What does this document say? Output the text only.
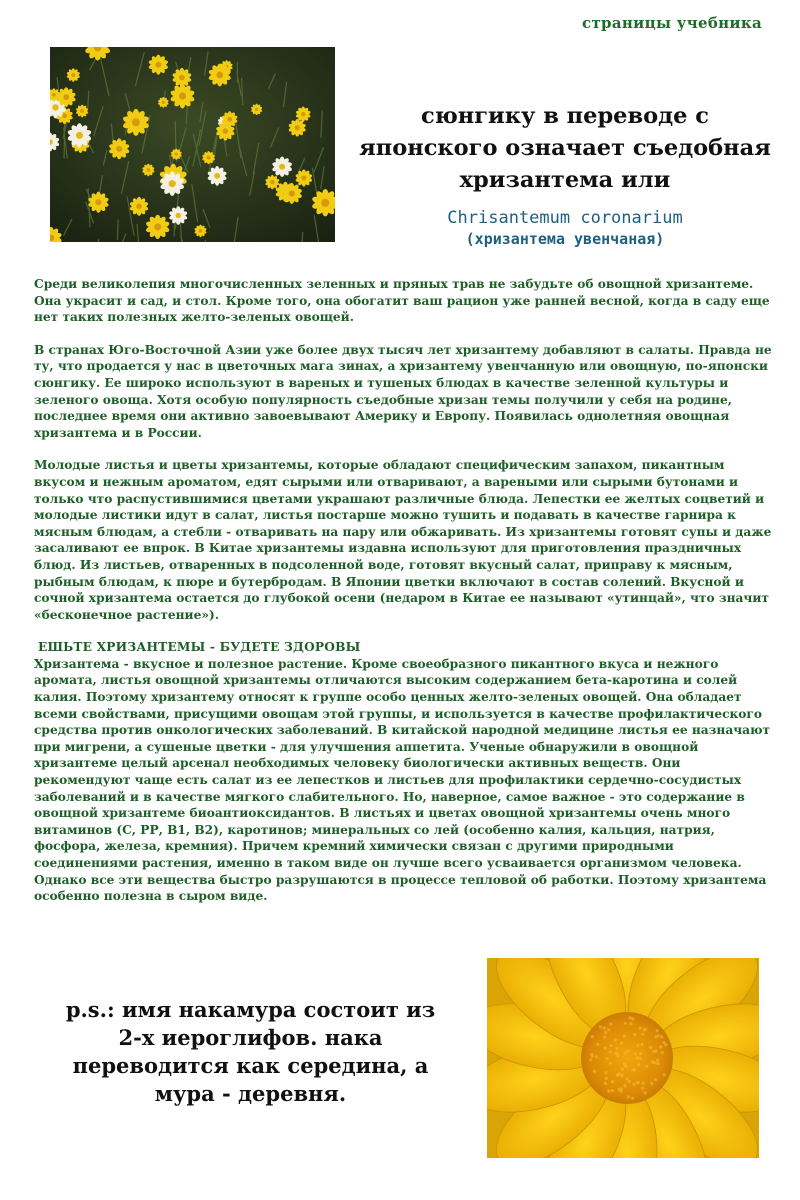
страницы учебника
сюнгику в переводе с
японского означает съедобная
хризантема или
Chrisantemum coronarium
(хризантема увенчаная)

Среди великолепия многочисленных зеленных и пряных трав не забудьте об овощной хризантеме. Она украсит и сад, и стол. Кроме того, она обогатит ваш рацион уже ранней весной, когда в саду еще нет таких полезных желто-зеленых овощей.

В странах Юго-Восточной Азии уже более двух тысяч лет хризантему добавляют в салаты. Правда не ту, что продается у нас в цветочных мага зинах, а хризантему увенчанную или овощную, по-японски сюнгику. Ее широко используют в вареных и тушеных блюдах в качестве зеленной культуры и зеленого овоща. Хотя особую популярность съедобные хризан темы получили у себя на родине, последнее время они активно завоевывают Америку и Европу. Появилась однолетняя овощная хризантема и в России.

Молодые листья и цветы хризантемы, которые обладают специфическим запахом, пикантным вкусом и нежным ароматом, едят сырыми или отваривают, а вареными или сырыми бутонами и только что распустившимися цветами украшают различные блюда. Лепестки ее желтых соцветий и молодые листики идут в салат, листья постарше можно тушить и подавать в качестве гарнира к мясным блюдам, а стебли - отваривать на пару или обжаривать. Из хризантемы готовят супы и даже засаливают ее впрок. В Китае хризантемы издавна используют для приготовления праздничных блюд. Из листьев, отваренных в подсоленной воде, готовят вкусный салат, приправу к мясным, рыбным блюдам, к пюре и бутербродам. В Японии цветки включают в состав солений. Вкусной и сочной хризантема остается до глубокой осени (недаром в Китае ее называют «утинцай», что значит «бесконечное растение»).

ЕШЬТЕ ХРИЗАНТЕМЫ - БУДЕТЕ ЗДОРОВЫ
Хризантема - вкусное и полезное растение. Кроме своеобразного пикантного вкуса и нежного аромата, листья овощной хризантемы отличаются высоким содержанием бета-каротина и солей калия. Поэтому хризантему относят к группе особо ценных желто-зеленых овощей. Она обладает всеми свойствами, присущими овощам этой группы, и используется в качестве профилактического средства против онкологических заболеваний. В китайской народной медицине листья ее назначают при мигрени, а сушеные цветки - для улучшения аппетита. Ученые обнаружили в овощной хризантеме целый арсенал необходимых человеку биологически активных веществ. Они рекомендуют чаще есть салат из ее лепестков и листьев для профилактики сердечно-сосудистых заболеваний и в качестве мягкого слабительного. Но, наверное, самое важное - это содержание в овощной хризантеме биоантиоксидантов. В листьях и цветах овощной хризантемы очень много витаминов (С, РР, В1, В2), каротинов; минеральных со лей (особенно калия, кальция, натрия, фосфора, железа, кремния). Причем кремний химически связан с другими природными соединениями растения, именно в таком виде он лучше всего усваивается организмом человека.
Однако все эти вещества быстро разрушаются в процессе тепловой об работки. Поэтому хризантема особенно полезна в сыром виде.
p.s.: имя накамура состоит из
2-х иероглифов. нака
переводится как середина, а
мура - деревня.
